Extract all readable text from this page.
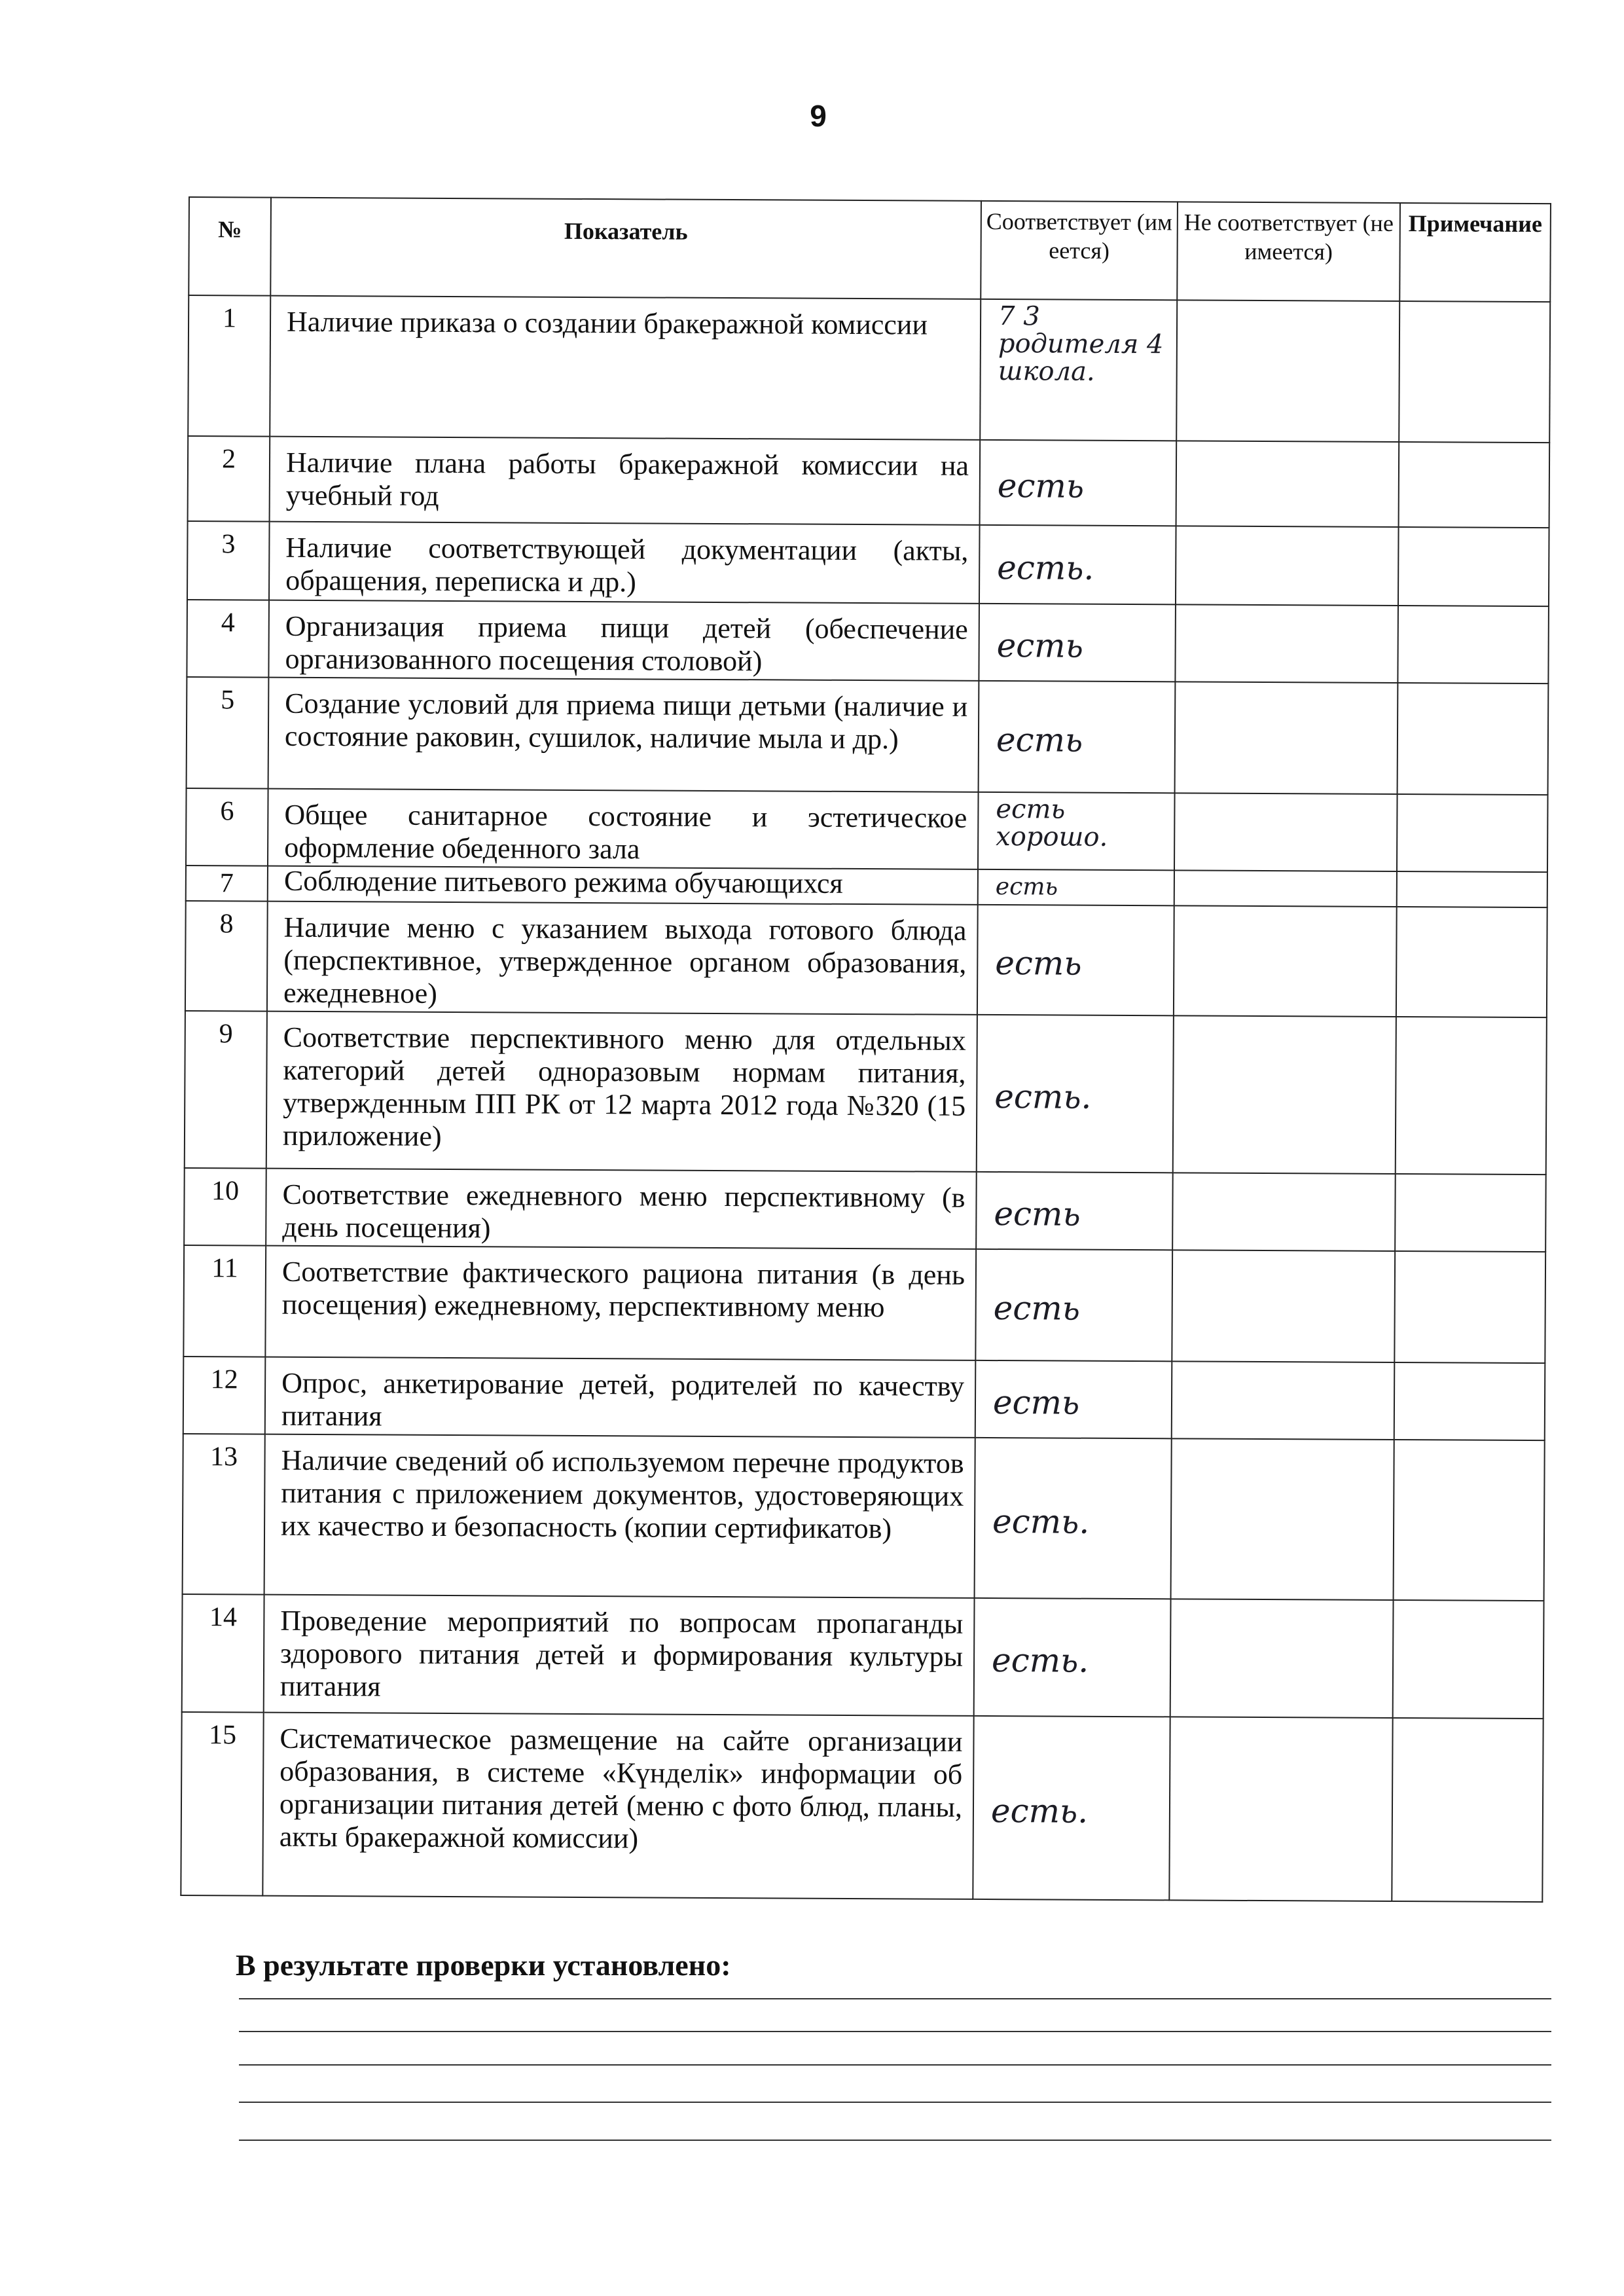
9
№	Показатель	Соответствует (имеется)	Не соответствует (не имеется)	Примечание
1	Наличие приказа о создании бракеражной комиссии	7 3 родителя 4 школа.		
2	Наличие плана работы бракеражной комиссии на учебный год	есть		
3	Наличие соответствующей документации (акты, обращения, переписка и др.)	есть.		
4	Организация приема пищи детей (обеспечение организованного посещения столовой)	есть		
5	Создание условий для приема пищи детьми (наличие и состояние раковин, сушилок, наличие мыла и др.)	есть		
6	Общее санитарное состояние и эстетическое оформление обеденного зала	есть хорошо.		
7	Соблюдение питьевого режима обучающихся	есть		
8	Наличие меню с указанием выхода готового блюда (перспективное, утвержденное органом образования, ежедневное)	есть		
9	Соответствие перспективного меню для отдельных категорий детей одноразовым нормам питания, утвержденным ПП РК от 12 марта 2012 года №320 (15 приложение)	есть.		
10	Соответствие ежедневного меню перспективному (в день посещения)	есть		
11	Соответствие фактического рациона питания (в день посещения) ежедневному, перспективному меню	есть		
12	Опрос, анкетирование детей, родителей по качеству питания	есть		
13	Наличие сведений об используемом перечне продуктов питания с приложением документов, удостоверяющих их качество и безопасность (копии сертификатов)	есть.		
14	Проведение мероприятий по вопросам пропаганды здорового питания детей и формирования культуры питания	есть.		
15	Систематическое размещение на сайте организации образования, в системе «Күнделік» информации об организации питания детей (меню с фото блюд, планы, акты бракеражной комиссии)	есть.		
В результате проверки установлено:
